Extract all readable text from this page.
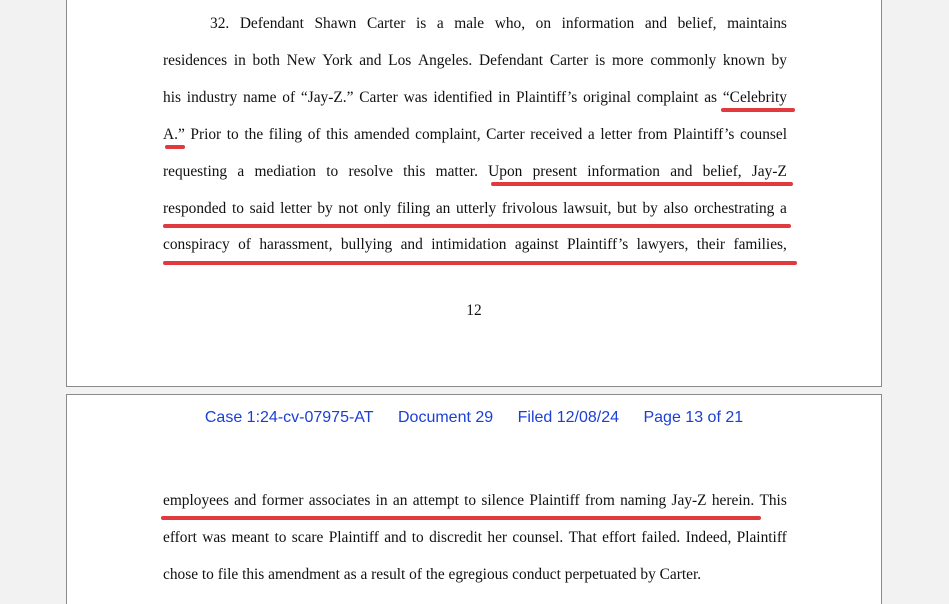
32. Defendant Shawn Carter is a male who, on information and belief, maintains
residences in both New York and Los Angeles. Defendant Carter is more commonly known by
his industry name of “Jay-Z.” Carter was identified in Plaintiff’s original complaint as “Celebrity
A.” Prior to the filing of this amended complaint, Carter received a letter from Plaintiff’s counsel
requesting a mediation to resolve this matter. Upon present information and belief, Jay-Z
responded to said letter by not only filing an utterly frivolous lawsuit, but by also orchestrating a
conspiracy of harassment, bullying and intimidation against Plaintiff’s lawyers, their families,
12
Case 1:24-cv-07975-AT Document 29 Filed 12/08/24 Page 13 of 21
employees and former associates in an attempt to silence Plaintiff from naming Jay-Z herein. This
effort was meant to scare Plaintiff and to discredit her counsel. That effort failed. Indeed, Plaintiff
chose to file this amendment as a result of the egregious conduct perpetuated by Carter.
